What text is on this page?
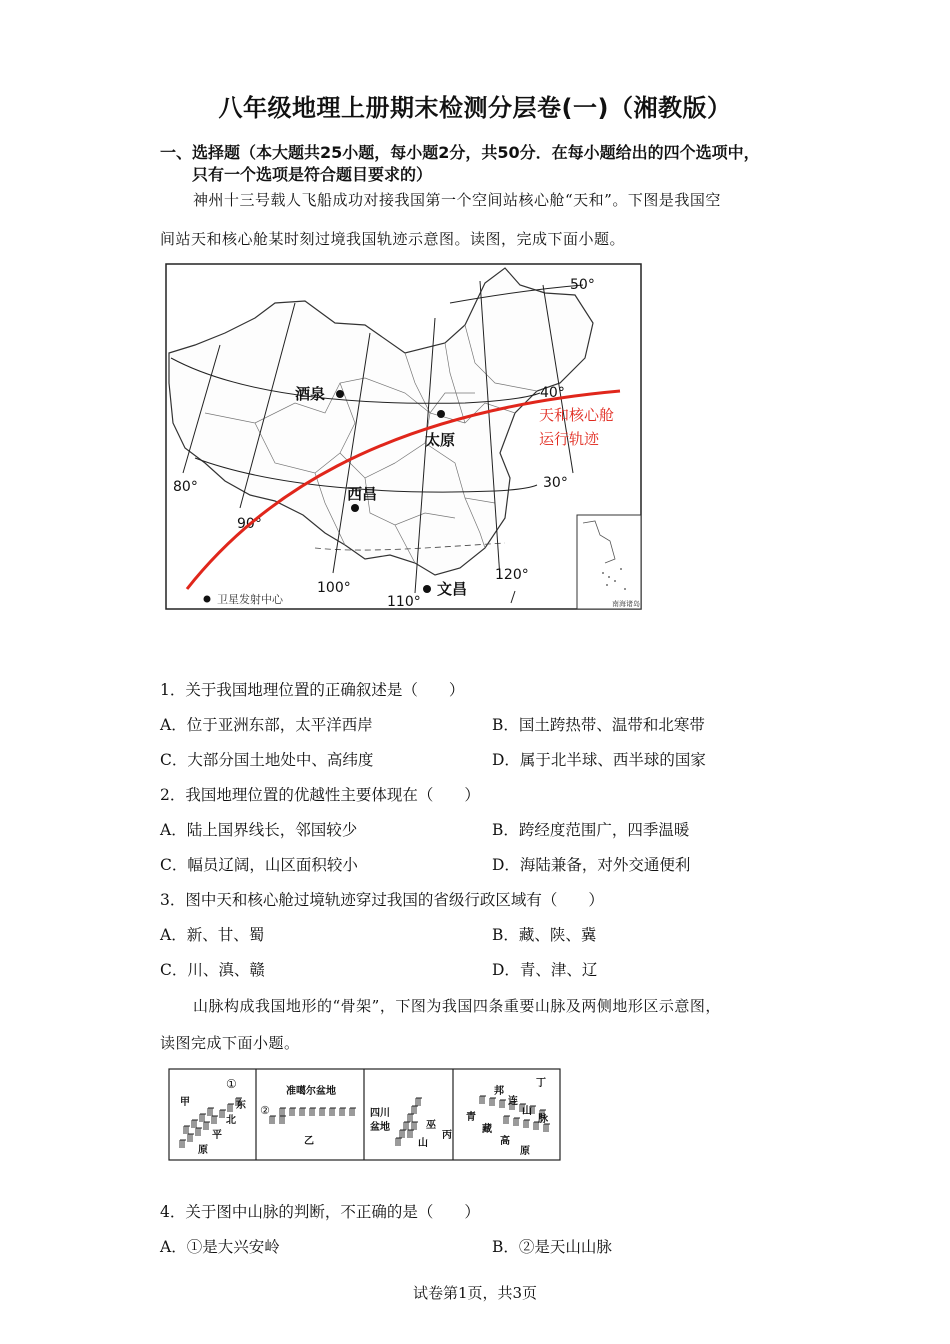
八年级地理上册期末检测分层卷(一)（湘教版）
一、选择题（本大题共25小题，每小题2分，共50分．在每小题给出的四个选项中，
只有一个选项是符合题目要求的）
神州十三号载人飞船成功对接我国第一个空间站核心舱“天和”。下图是我国空
间站天和核心舱某时刻过境我国轨迹示意图。读图，完成下面小题。
50°
40°
30°
80°
90°
100°
110°
120°
天和核心舱
运行轨迹
酒泉
太原
西昌
文昌
卫星发射中心	南海诸岛
1．关于我国地理位置的正确叙述是（　　）
A．位于亚洲东部，太平洋西岸	B．国土跨热带、温带和北寒带
C．大部分国土地处中、高纬度	D．属于北半球、西半球的国家
2．我国地理位置的优越性主要体现在（　　）
A．陆上国界线长，邻国较少	B．跨经度范围广，四季温暖
C．幅员辽阔，山区面积较小	D．海陆兼备，对外交通便利
3．图中天和核心舱过境轨迹穿过我国的省级行政区域有（　　）
A．新、甘、蜀	B．藏、陕、冀
C．川、滇、赣	D．青、津、辽
山脉构成我国地形的“骨架”，下图为我国四条重要山脉及两侧地形区示意图，
读图完成下面小题。
甲
①
东
北
平
原
②
准噶尔盆地
乙
四川
盆地	巫
山
丙
丁
邦
连
山
脉
青
藏
高
原
4．关于图中山脉的判断，不正确的是（　　）
A．①是大兴安岭	B．②是天山山脉
试卷第1页，共3页
